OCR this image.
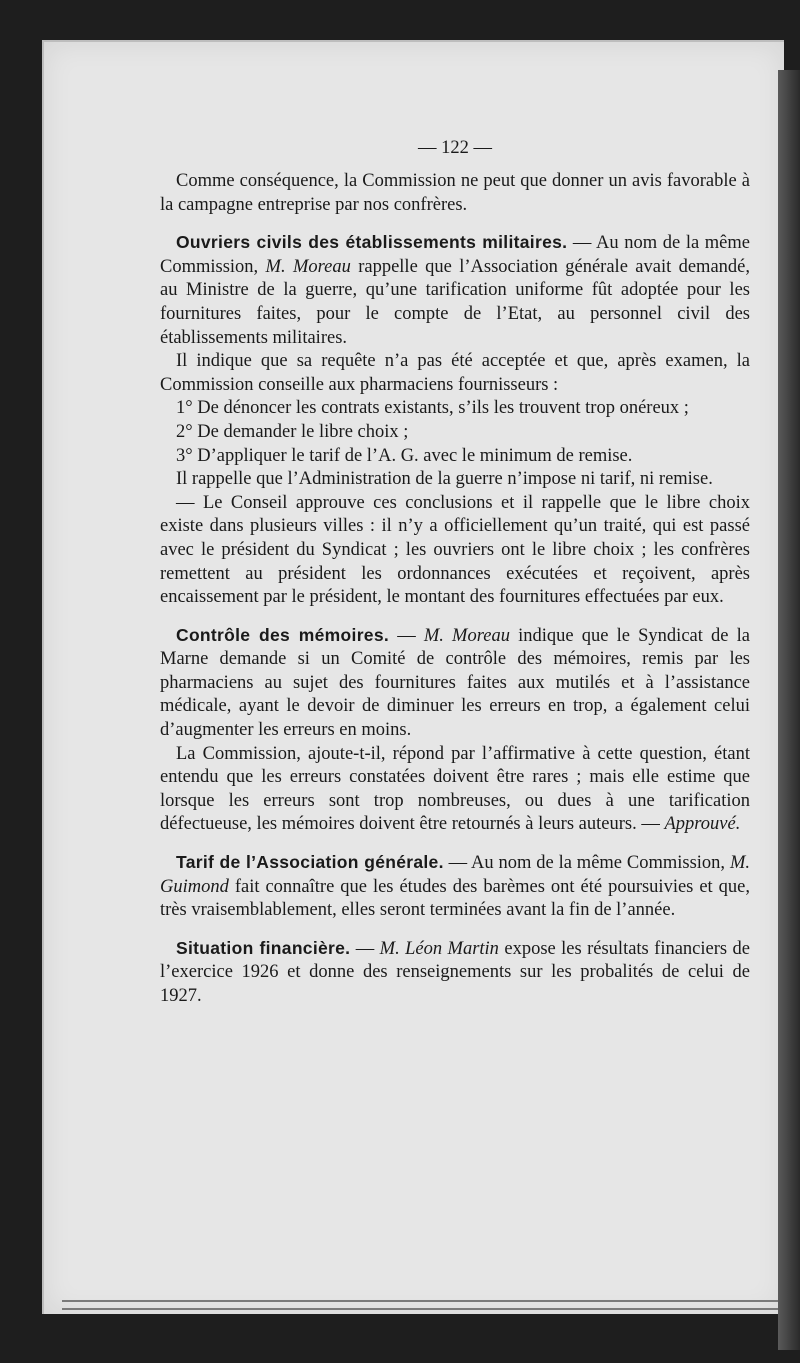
— 122 —

Comme conséquence, la Commission ne peut que donner un avis favorable à la campagne entreprise par nos confrères.

Ouvriers civils des établissements militaires. — Au nom de la même Commission, M. Moreau rappelle que l’Association générale avait demandé, au Ministre de la guerre, qu’une tarification uniforme fût adoptée pour les fournitures faites, pour le compte de l’Etat, au personnel civil des établissements militaires.

Il indique que sa requête n’a pas été acceptée et que, après examen, la Commission conseille aux pharmaciens fournisseurs :

1° De dénoncer les contrats existants, s’ils les trouvent trop onéreux ;

2° De demander le libre choix ;

3° D’appliquer le tarif de l’A. G. avec le minimum de remise.

Il rappelle que l’Administration de la guerre n’impose ni tarif, ni remise.

— Le Conseil approuve ces conclusions et il rappelle que le libre choix existe dans plusieurs villes : il n’y a officiellement qu’un traité, qui est passé avec le président du Syndicat ; les ouvriers ont le libre choix ; les confrères remettent au président les ordonnances exécutées et reçoivent, après encaissement par le président, le montant des fournitures effectuées par eux.

Contrôle des mémoires. — M. Moreau indique que le Syndicat de la Marne demande si un Comité de contrôle des mémoires, remis par les pharmaciens au sujet des fournitures faites aux mutilés et à l’assistance médicale, ayant le devoir de diminuer les erreurs en trop, a également celui d’augmenter les erreurs en moins.

La Commission, ajoute-t-il, répond par l’affirmative à cette question, étant entendu que les erreurs constatées doivent être rares ; mais elle estime que lorsque les erreurs sont trop nombreuses, ou dues à une tarification défectueuse, les mémoires doivent être retournés à leurs auteurs. — Approuvé.

Tarif de l’Association générale. — Au nom de la même Commission, M. Guimond fait connaître que les études des barèmes ont été poursuivies et que, très vraisemblablement, elles seront terminées avant la fin de l’année.

Situation financière. — M. Léon Martin expose les résultats financiers de l’exercice 1926 et donne des renseignements sur les probalités de celui de 1927.
